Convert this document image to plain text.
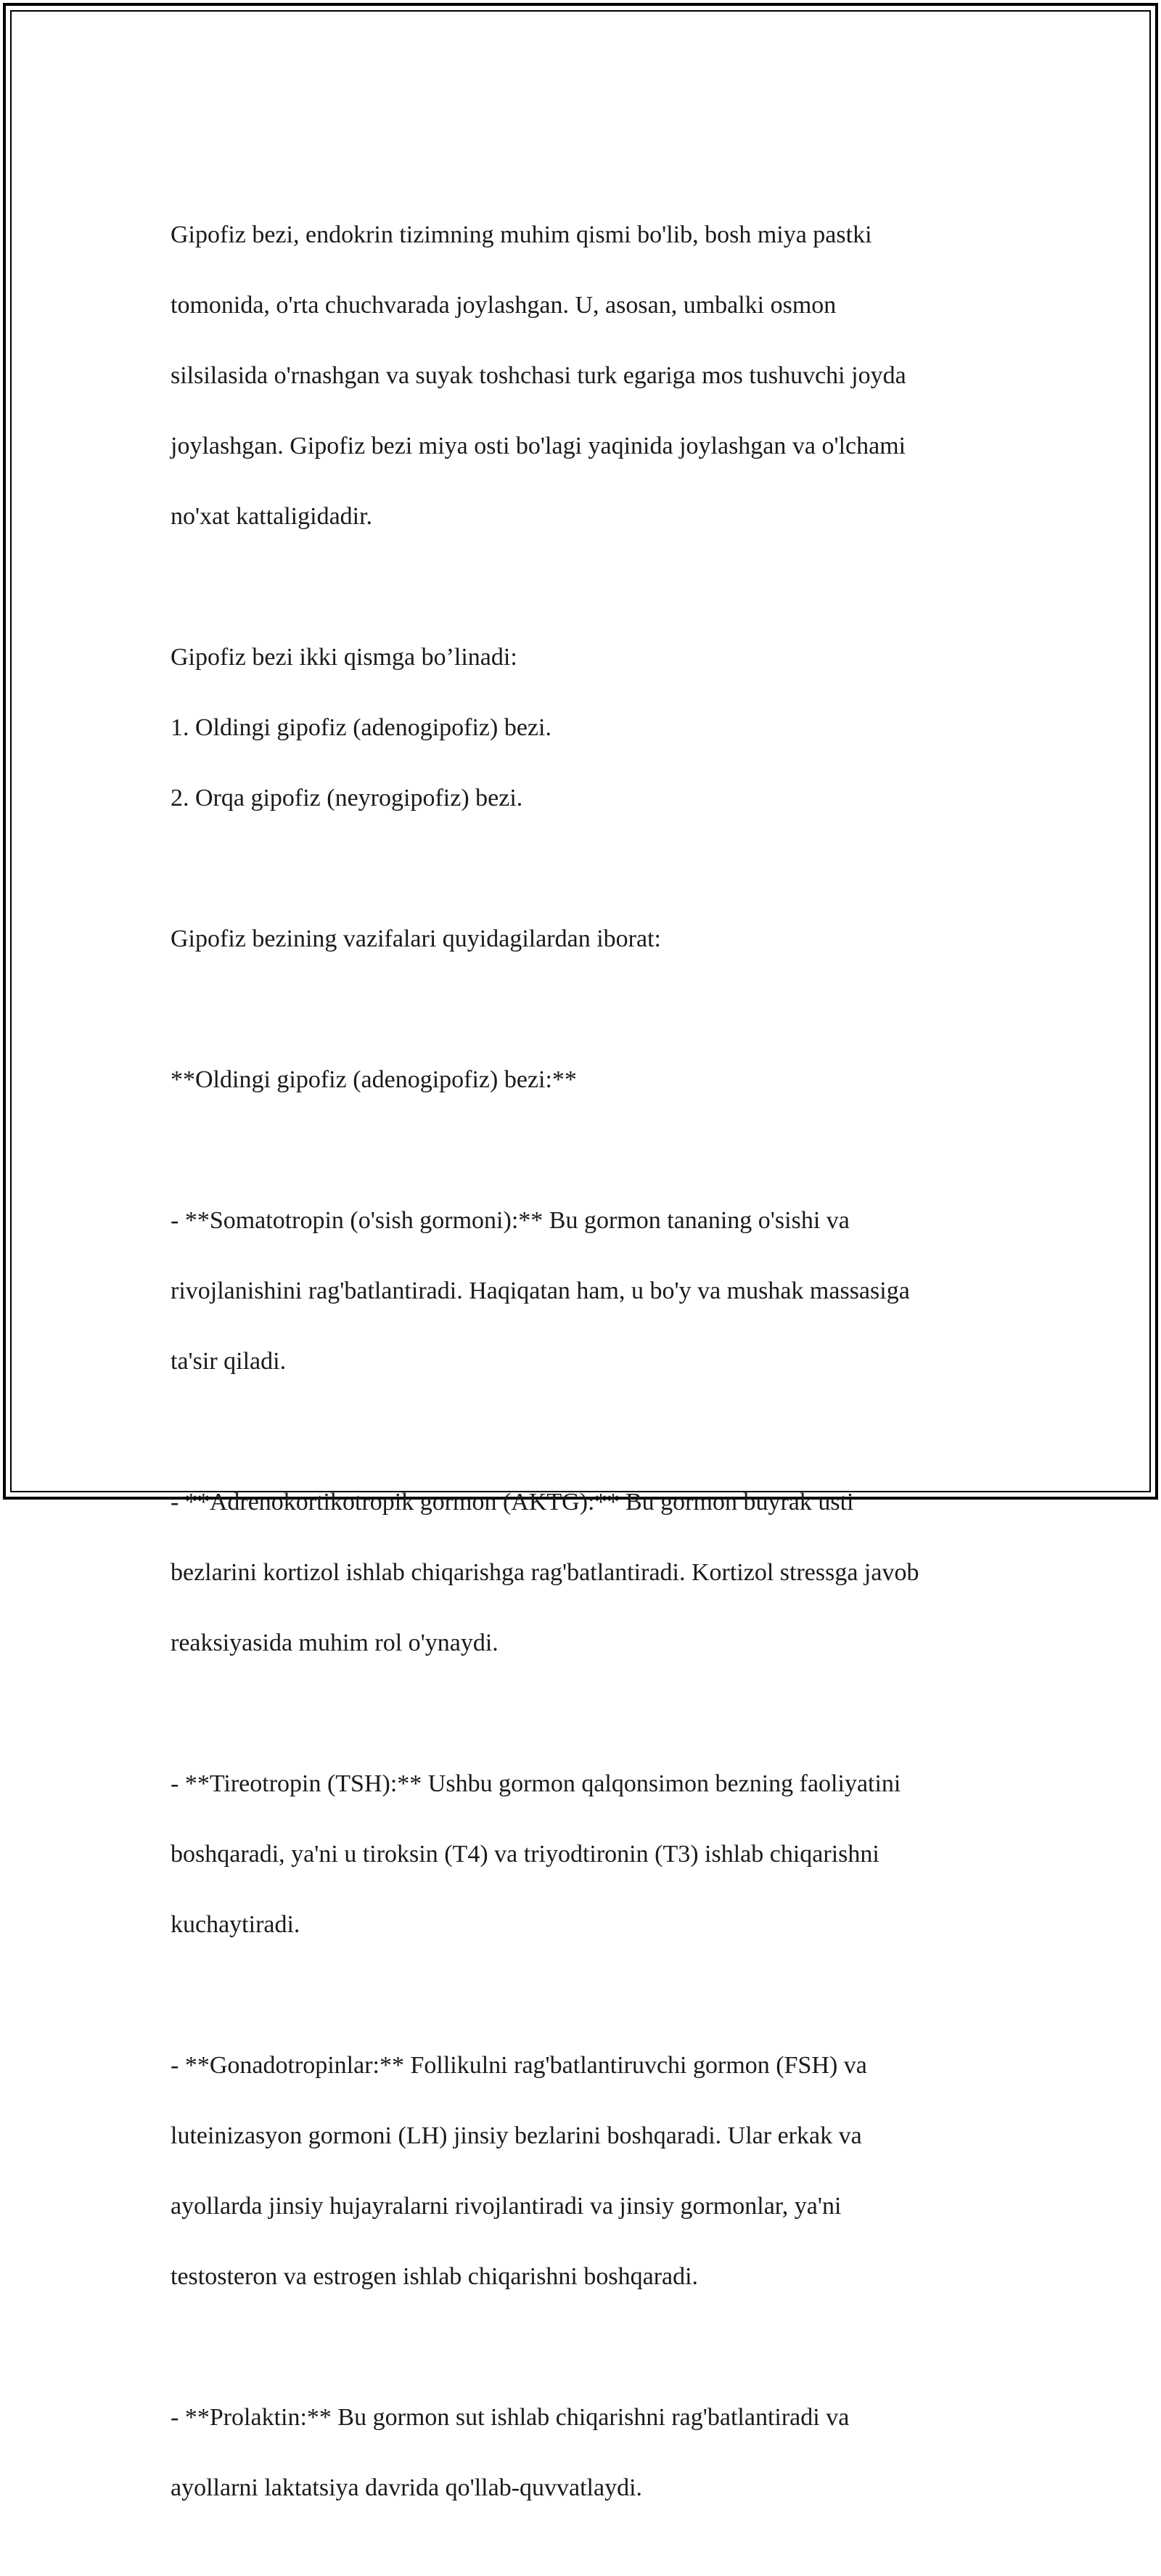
Gipofiz bezi, endokrin tizimning muhim qismi bo'lib, bosh miya pastki

tomonida, o'rta chuchvarada joylashgan. U, asosan, umbalki osmon

silsilasida o'rnashgan va suyak toshchasi turk egariga mos tushuvchi joyda

joylashgan. Gipofiz bezi miya osti bo'lagi yaqinida joylashgan va o'lchami

no'xat kattaligidadir.

Gipofiz bezi ikki qismga bo’linadi:

1. Oldingi gipofiz (adenogipofiz) bezi.

2. Orqa gipofiz (neyrogipofiz) bezi.

Gipofiz bezining vazifalari quyidagilardan iborat:

**Oldingi gipofiz (adenogipofiz) bezi:**

- **Somatotropin (o'sish gormoni):** Bu gormon tananing o'sishi va

rivojlanishini rag'batlantiradi. Haqiqatan ham, u bo'y va mushak massasiga

ta'sir qiladi.

- **Adrenokortikotropik gormon (AKTG):** Bu gormon buyrak usti

bezlarini kortizol ishlab chiqarishga rag'batlantiradi. Kortizol stressga javob

reaksiyasida muhim rol o'ynaydi.

- **Tireotropin (TSH):** Ushbu gormon qalqonsimon bezning faoliyatini

boshqaradi, ya'ni u tiroksin (T4) va triyodtironin (T3) ishlab chiqarishni

kuchaytiradi.

- **Gonadotropinlar:** Follikulni rag'batlantiruvchi gormon (FSH) va

luteinizasyon gormoni (LH) jinsiy bezlarini boshqaradi. Ular erkak va

ayollarda jinsiy hujayralarni rivojlantiradi va jinsiy gormonlar, ya'ni

testosteron va estrogen ishlab chiqarishni boshqaradi.

- **Prolaktin:** Bu gormon sut ishlab chiqarishni rag'batlantiradi va

ayollarni laktatsiya davrida qo'llab-quvvatlaydi.
